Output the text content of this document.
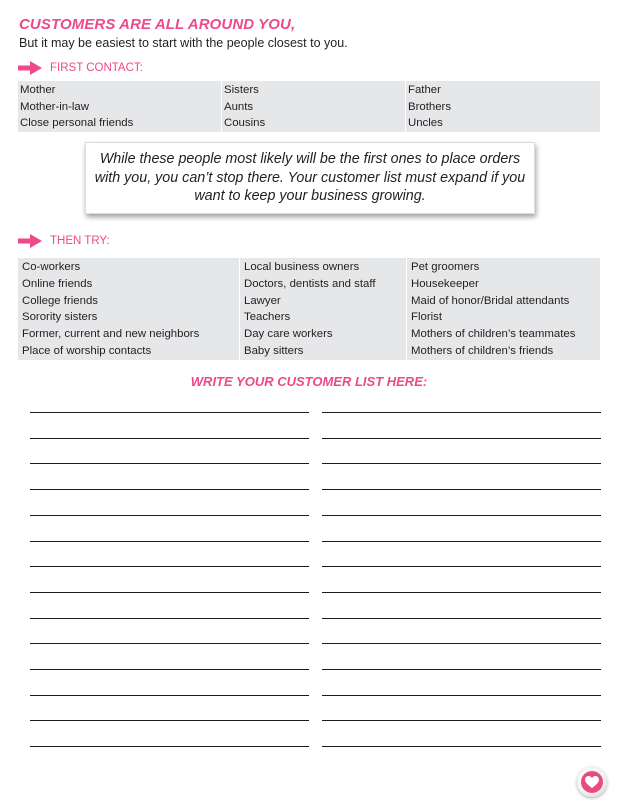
CUSTOMERS ARE ALL AROUND YOU,
But it may be easiest to start with the people closest to you.
FIRST CONTACT:
Mother
Mother-in-law
Close personal friends
Sisters
Aunts
Cousins
Father
Brothers
Uncles
While these people most likely will be the first ones to place orders with you, you can’t stop there. Your customer list must expand if you want to keep your business growing.
THEN TRY:
Co-workers
Online friends
College friends
Sorority sisters
Former, current and new neighbors
Place of worship contacts
Local business owners
Doctors, dentists and staff
Lawyer
Teachers
Day care workers
Baby sitters
Pet groomers
Housekeeper
Maid of honor/Bridal attendants
Florist
Mothers of children’s teammates
Mothers of children’s friends
WRITE YOUR CUSTOMER LIST HERE:
